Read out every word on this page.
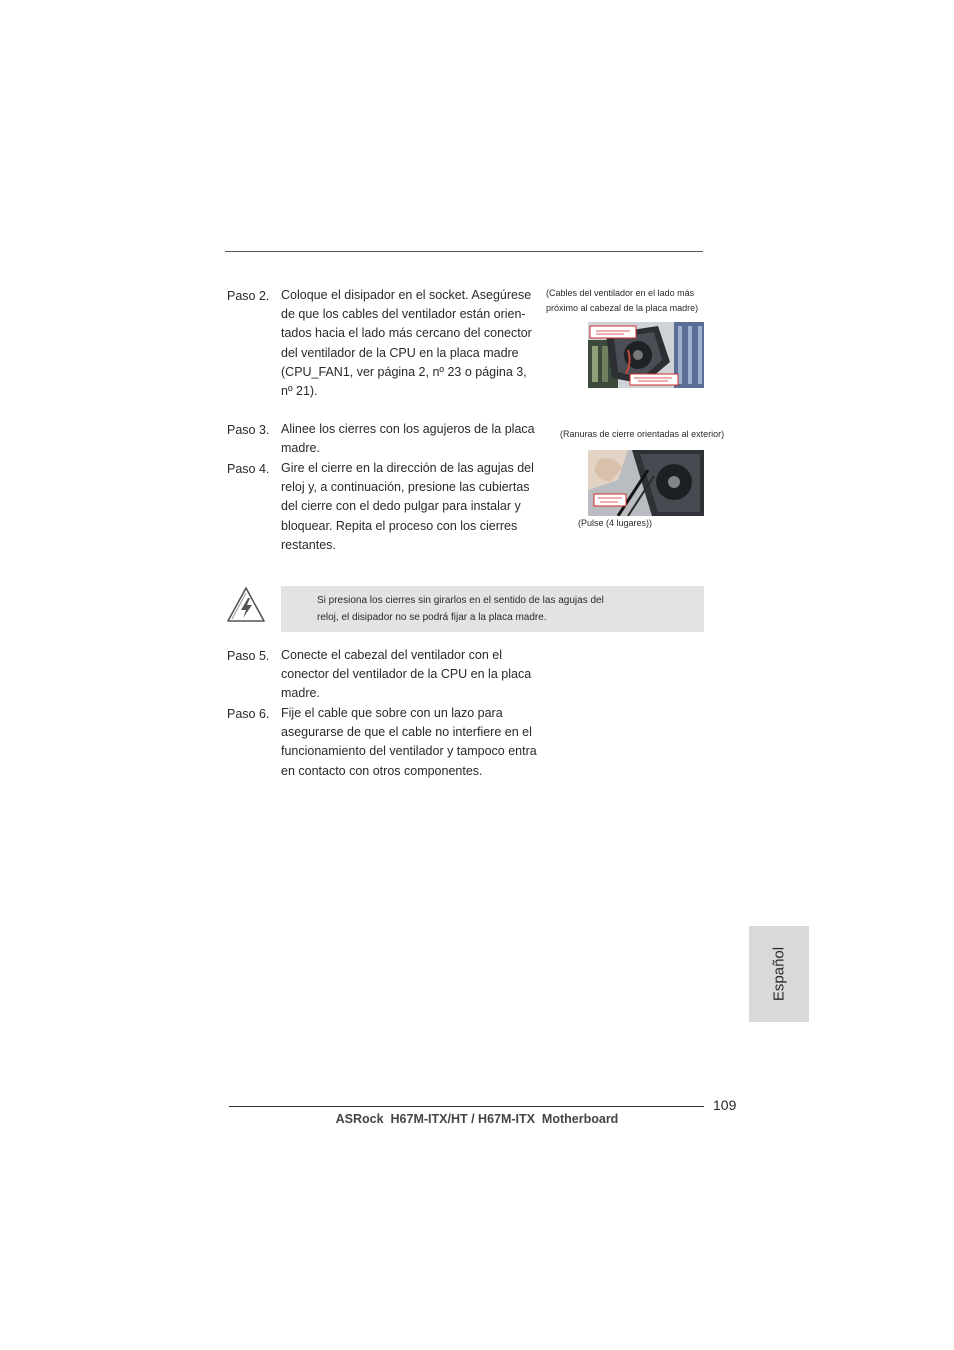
Paso 2. Coloque el disipador en el socket. Asegúrese
de que los cables del ventilador están orien-
tados hacia el lado más cercano del conector
del ventilador de la CPU en la placa madre
(CPU_FAN1, ver página 2, nº 23 o página 3,
nº 21).
Paso 3. Alinee los cierres con los agujeros de la placa
madre.
Paso 4. Gire el cierre en la dirección de las agujas del
reloj y, a continuación, presione las cubiertas
del cierre con el dedo pulgar para instalar y
bloquear. Repita el proceso con los cierres
restantes.
(Cables del ventilador en el lado más
próximo al cabezal de la placa madre)
(Ranuras de cierre orientadas al exterior)
(Pulse (4 lugares))
Si presiona los cierres sin girarlos en el sentido de las agujas del
reloj, el disipador no se podrá fijar a la placa madre.
Paso 5. Conecte el cabezal del ventilador con el
conector del ventilador de la CPU en la placa
madre.
Paso 6. Fije el cable que sobre con un lazo para
asegurarse de que el cable no interfiere en el
funcionamiento del ventilador y tampoco entra
en contacto con otros componentes.
Español
109
ASRock  H67M-ITX/HT / H67M-ITX  Motherboard
